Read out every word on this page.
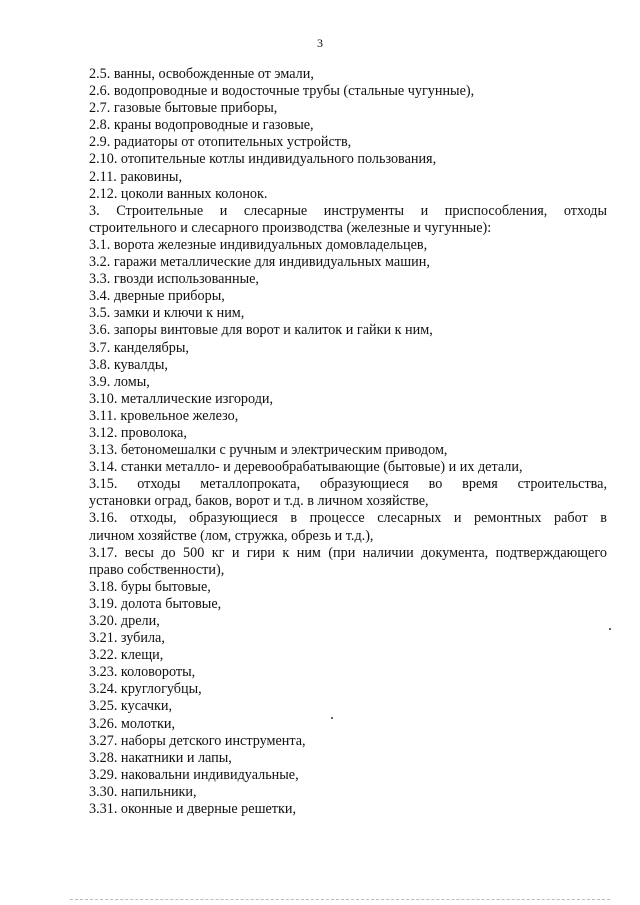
3
2.5. ванны, освобожденные от эмали,
2.6. водопроводные и водосточные трубы (стальные чугунные),
2.7. газовые бытовые приборы,
2.8. краны водопроводные и газовые,
2.9. радиаторы от отопительных устройств,
2.10. отопительные котлы индивидуального пользования,
2.11. раковины,
2.12. цоколи ванных колонок.
3. Строительные и слесарные инструменты и приспособления, отходы
строительного и слесарного производства (железные и чугунные):
3.1. ворота железные индивидуальных домовладельцев,
3.2. гаражи металлические для индивидуальных машин,
3.3. гвозди использованные,
3.4. дверные приборы,
3.5. замки и ключи к ним,
3.6. запоры винтовые для ворот и калиток и гайки к ним,
3.7. канделябры,
3.8. кувалды,
3.9. ломы,
3.10. металлические изгороди,
3.11. кровельное железо,
3.12. проволока,
3.13. бетономешалки с ручным и электрическим приводом,
3.14. станки металло- и деревообрабатывающие (бытовые) и их детали,
3.15. отходы металлопроката, образующиеся во время строительства,
установки оград, баков, ворот и т.д. в личном хозяйстве,
3.16. отходы, образующиеся в процессе слесарных и ремонтных работ в
личном хозяйстве (лом, стружка, обрезь и т.д.),
3.17. весы до 500 кг и гири к ним (при наличии документа, подтверждающего
право собственности),
3.18. буры бытовые,
3.19. долота бытовые,
3.20. дрели,
3.21. зубила,
3.22. клещи,
3.23. коловороты,
3.24. круглогубцы,
3.25. кусачки,
3.26. молотки,
3.27. наборы детского инструмента,
3.28. накатники и лапы,
3.29. наковальни индивидуальные,
3.30. напильники,
3.31. оконные и дверные решетки,
